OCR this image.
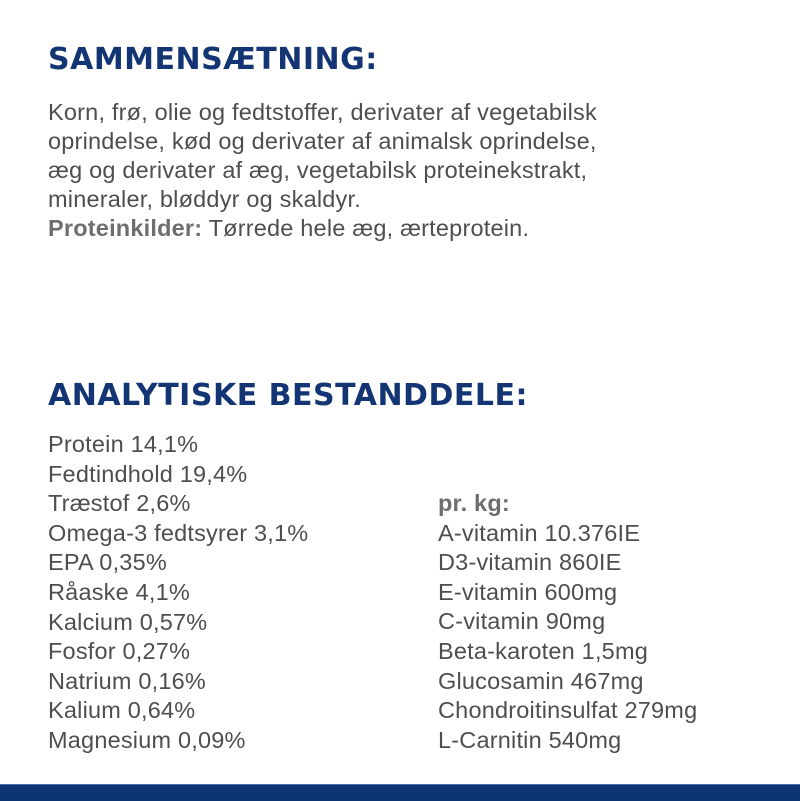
SAMMENSÆTNING:
Korn, frø, olie og fedtstoffer, derivater af vegetabilsk
oprindelse, kød og derivater af animalsk oprindelse,
æg og derivater af æg, vegetabilsk proteinekstrakt,
mineraler, bløddyr og skaldyr.
Proteinkilder: Tørrede hele æg, ærteprotein.
ANALYTISKE BESTANDDELE:
Protein 14,1%
Fedtindhold 19,4%
Træstof 2,6%
Omega-3 fedtsyrer 3,1%
EPA 0,35%
Råaske 4,1%
Kalcium 0,57%
Fosfor 0,27%
Natrium 0,16%
Kalium 0,64%
Magnesium 0,09%
pr. kg:
A-vitamin 10.376IE
D3-vitamin 860IE
E-vitamin 600mg
C-vitamin 90mg
Beta-karoten 1,5mg
Glucosamin 467mg
Chondroitinsulfat 279mg
L-Carnitin 540mg
